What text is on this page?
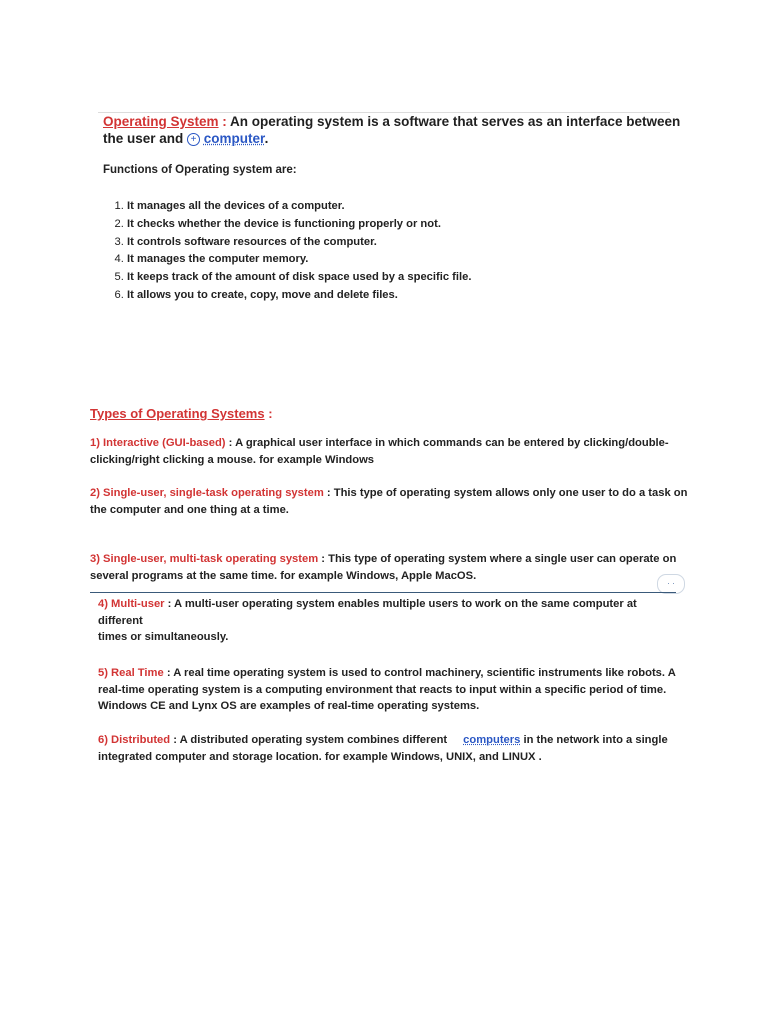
Operating System : An operating system is a software that serves as an interface between the user and + computer.
Functions of Operating system are:
1. It manages all the devices of a computer.
2. It checks whether the device is functioning properly or not.
3. It controls software resources of the computer.
4. It manages the computer memory.
5. It keeps track of the amount of disk space used by a specific file.
6. It allows you to create, copy, move and delete files.
Types of Operating Systems :
1) Interactive (GUI-based) : A graphical user interface in which commands can be entered by clicking/double-clicking/right clicking a mouse. for example Windows
2) Single-user, single-task operating system : This type of operating system allows only one user to do a task on
the computer and one thing at a time.
3) Single-user, multi-task operating system : This type of operating system where a single user can operate on several programs at the same time. for example Windows, Apple MacOS.
· ·
4) Multi-user : A multi-user operating system enables multiple users to work on the same computer at different
times or simultaneously.
5) Real Time : A real time operating system is used to control machinery, scientific instruments like robots. A real-time operating system is a computing environment that reacts to input within a specific period of time. Windows CE and Lynx OS are examples of real-time operating systems.
6) Distributed : A distributed operating system combines different computers in the network into a single integrated computer and storage location. for example Windows, UNIX, and LINUX .
